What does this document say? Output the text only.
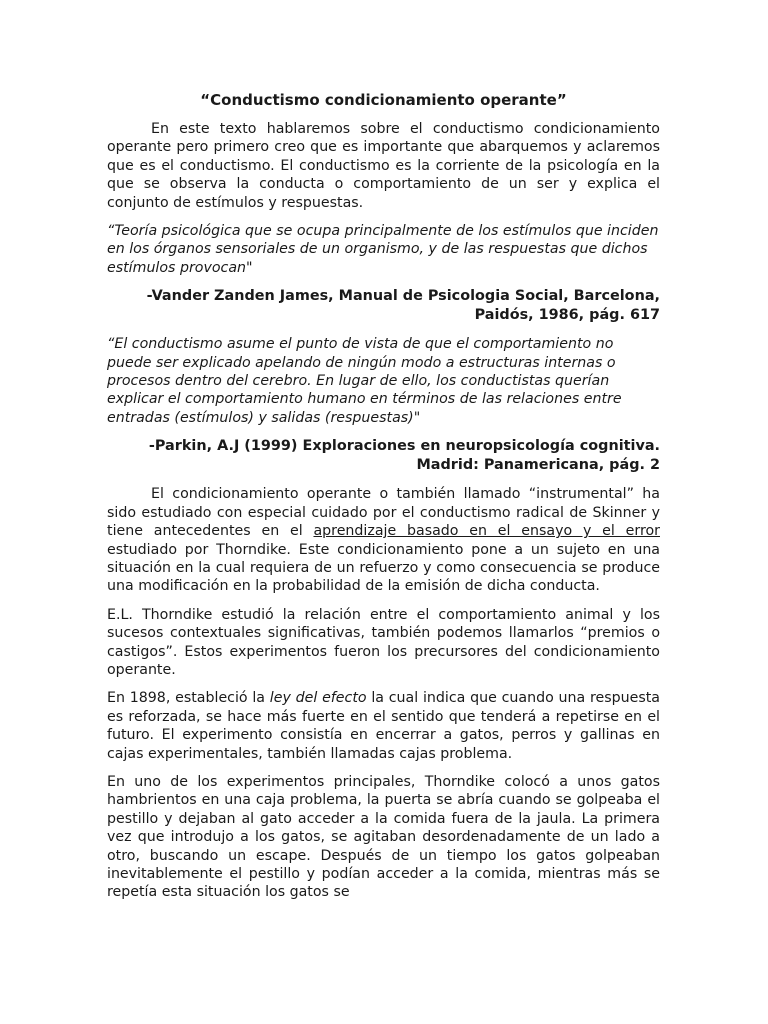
“Conductismo condicionamiento operante”

En este texto hablaremos sobre el conductismo condicionamiento operante pero primero creo que es importante que abarquemos y aclaremos que es el conductismo. El conductismo es la corriente de la psicología en la que se observa la conducta o comportamiento de un ser y explica el conjunto de estímulos y respuestas.

“Teoría psicológica que se ocupa principalmente de los estímulos que inciden en los órganos sensoriales de un organismo, y de las respuestas que dichos estímulos provocan"

-Vander Zanden James, Manual de Psicologia Social, Barcelona,
Paidós, 1986, pág. 617

“El conductismo asume el punto de vista de que el comportamiento no puede ser explicado apelando de ningún modo a estructuras internas o procesos dentro del cerebro. En lugar de ello, los conductistas querían explicar el comportamiento humano en términos de las relaciones entre entradas (estímulos) y salidas (respuestas)"

-Parkin, A.J (1999) Exploraciones en neuropsicología cognitiva.
Madrid: Panamericana, pág. 2

El condicionamiento operante o también llamado “instrumental” ha sido estudiado con especial cuidado por el conductismo radical de Skinner y tiene antecedentes en el aprendizaje basado en el ensayo y el error estudiado por Thorndike. Este condicionamiento pone a un sujeto en una situación en la cual requiera de un refuerzo y como consecuencia se produce una modificación en la probabilidad de la emisión de dicha conducta.

E.L. Thorndike estudió la relación entre el comportamiento animal y los sucesos contextuales significativas, también podemos llamarlos “premios o castigos”. Estos experimentos fueron los precursores del condicionamiento operante.

En 1898, estableció la ley del efecto la cual indica que cuando una respuesta es reforzada, se hace más fuerte en el sentido que tenderá a repetirse en el futuro. El experimento consistía en encerrar a gatos, perros y gallinas en cajas experimentales, también llamadas cajas problema.

En uno de los experimentos principales, Thorndike colocó a unos gatos hambrientos en una caja problema, la puerta se abría cuando se golpeaba el pestillo y dejaban al gato acceder a la comida fuera de la jaula. La primera vez que introdujo a los gatos, se agitaban desordenadamente de un lado a otro, buscando un escape. Después de un tiempo los gatos golpeaban inevitablemente el pestillo y podían acceder a la comida, mientras más se repetía esta situación los gatos se
